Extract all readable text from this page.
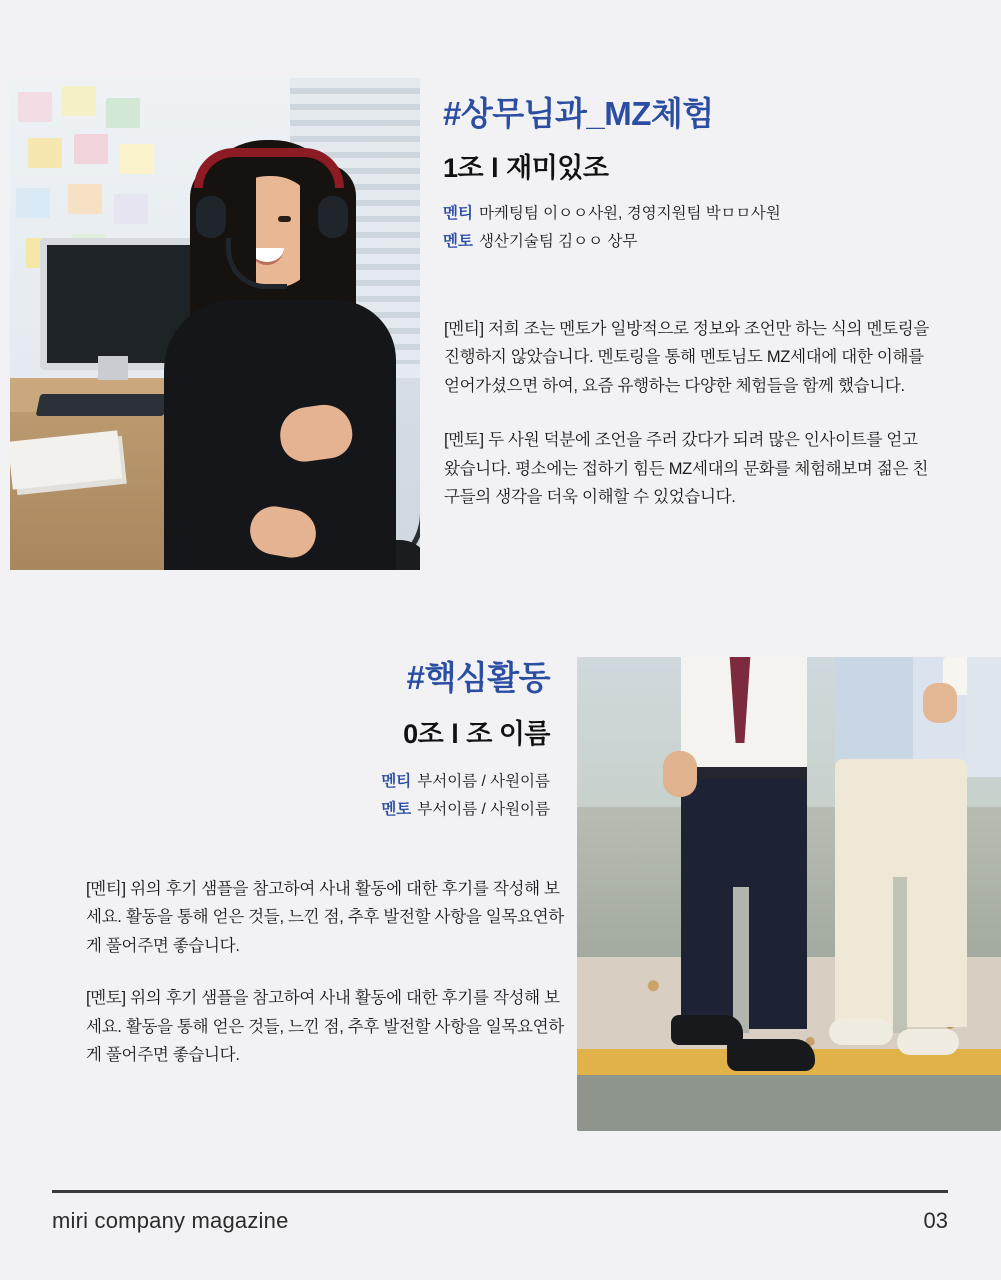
#상무님과_MZ체험
1조 l 재미있조
멘티 마케팅팀 이ㅇㅇ사원, 경영지원팀 박ㅁㅁ사원
멘토 생산기술팀 김ㅇㅇ 상무

[멘티] 저희 조는 멘토가 일방적으로 정보와 조언만 하는 식의 멘토링을 진행하지 않았습니다. 멘토링을 통해 멘토님도 MZ세대에 대한 이해를 얻어가셨으면 하여, 요즘 유행하는 다양한 체험들을 함께 했습니다.

[멘토] 두 사원 덕분에 조언을 주러 갔다가 되려 많은 인사이트를 얻고 왔습니다. 평소에는 접하기 힘든 MZ세대의 문화를 체험해보며 젊은 친구들의 생각을 더욱 이해할 수 있었습니다.

#핵심활동
0조 l 조 이름
멘티 부서이름 / 사원이름
멘토 부서이름 / 사원이름

[멘티] 위의 후기 샘플을 참고하여 사내 활동에 대한 후기를 작성해 보세요. 활동을 통해 얻은 것들, 느낀 점, 추후 발전할 사항을 일목요연하게 풀어주면 좋습니다.

[멘토] 위의 후기 샘플을 참고하여 사내 활동에 대한 후기를 작성해 보세요. 활동을 통해 얻은 것들, 느낀 점, 추후 발전할 사항을 일목요연하게 풀어주면 좋습니다.

miri company magazine	03
